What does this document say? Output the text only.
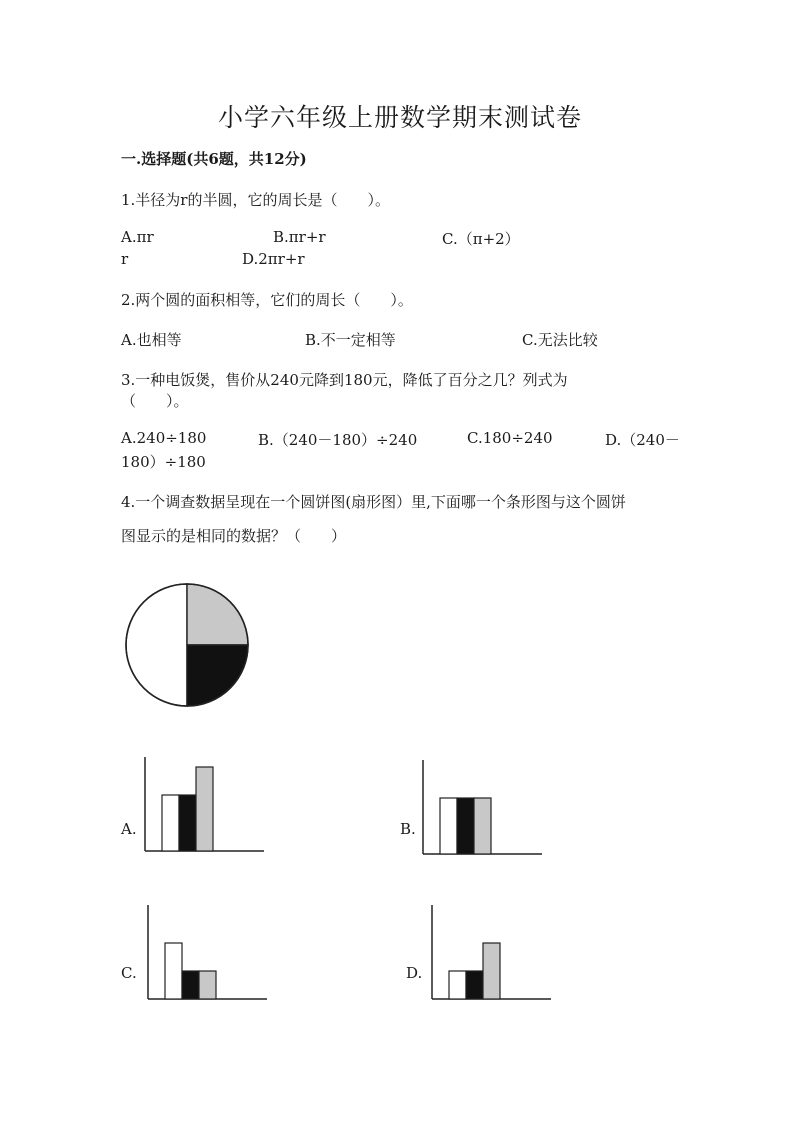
小学六年级上册数学期末测试卷
一.选择题(共6题，共12分)
1.半径为r的半圆，它的周长是（　　）。
A.πr	B.πr+r	C.（π+2）
r	D.2πr+r
2.两个圆的面积相等，它们的周长（　　）。
A.也相等	B.不一定相等	C.无法比较
3.一种电饭煲，售价从240元降到180元，降低了百分之几？列式为
（　　）。
A.240÷180	B.（240－180）÷240	C.180÷240	D.（240－
180）÷180
4.一个调查数据呈现在一个圆饼图(扇形图）里,下面哪一个条形图与这个圆饼
图显示的是相同的数据？（　　）
A.	B.
C.	D.
